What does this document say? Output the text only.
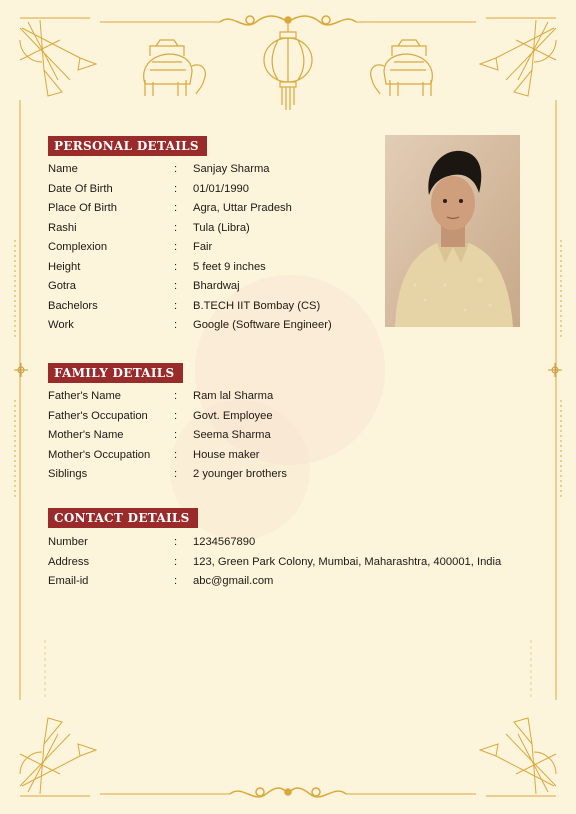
PERSONAL DETAILS
Name	: Sanjay Sharma
Date Of Birth	: 01/01/1990
Place Of Birth	: Agra, Uttar Pradesh
Rashi	: Tula (Libra)
Complexion	: Fair
Height	: 5 feet 9 inches
Gotra	: Bhardwaj
Bachelors	: B.TECH IIT Bombay (CS)
Work	: Google (Software Engineer)
FAMILY DETAILS
Father's Name	: Ram lal Sharma
Father's Occupation : Govt. Employee
Mother's Name	: Seema Sharma
Mother's Occupation : House maker
Siblings	: 2 younger brothers
CONTACT DETAILS
Number	: 1234567890
Address	: 123, Green Park Colony, Mumbai, Maharashtra, 400001, India
Email-id	: abc@gmail.com
